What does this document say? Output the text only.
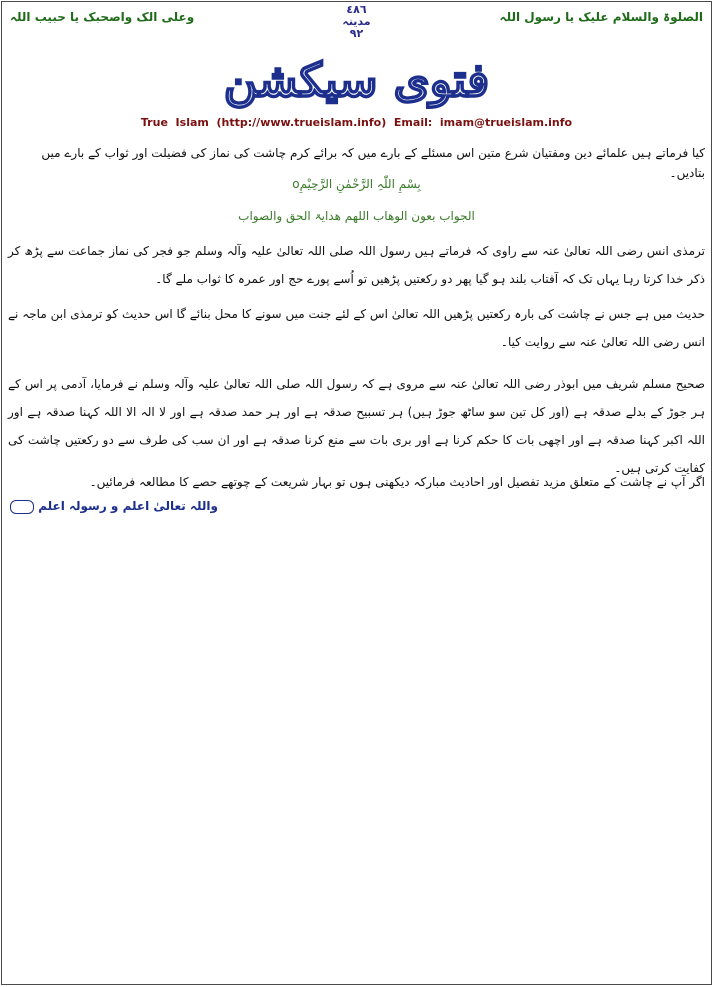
الصلوۃ والسلام علیک یا رسول اللہ
٤٨٦
مدینہ
٩٢
وعلی الک واصحبک یا حبیب اللہ
فتوی سیکشن
True  Islam  (http://www.trueislam.info)  Email:  imam@trueislam.info
کیا فرماتے ہیں علمائے دین ومفتیان شرع متین اس مسئلے کے بارے میں کہ برائے کرم چاشت کی نماز کی فضیلت اور ثواب کے بارے میں بتادیں۔
بِسْمِ اللّٰہِ الرَّحْمٰنِ الرَّحِیْمِo
الجواب بعون الوھاب اللھم ھدایۃ الحق والصواب
ترمذی انس رضی اللہ تعالیٰ عنہ سے راوی کہ فرماتے ہیں رسول اللہ صلی اللہ تعالیٰ علیہ وآلہ وسلم جو فجر کی نماز جماعت سے پڑھ کر ذکر خدا کرتا رہا یہاں تک کہ آفتاب بلند ہو گیا پھر دو رکعتیں پڑھیں تو اُسے پورے حج اور عمرہ کا ثواب ملے گا۔
حدیث میں ہے جس نے چاشت کی بارہ رکعتیں پڑھیں اللہ تعالیٰ اس کے لئے جنت میں سونے کا محل بنائے گا اس حدیث کو ترمذی ابن ماجہ نے انس رضی اللہ تعالیٰ عنہ سے روایت کیا۔
صحیح مسلم شریف میں ابوذر رضی اللہ تعالیٰ عنہ سے مروی ہے کہ رسول اللہ صلی اللہ تعالیٰ علیہ وآلہ وسلم نے فرمایا، آدمی پر اس کے ہر جوڑ کے بدلے صدقہ ہے (اور کل تین سو ساٹھ جوڑ ہیں) ہر تسبیح صدقہ ہے اور ہر حمد صدقہ ہے اور لا الہ الا اللہ کہنا صدقہ ہے اور اللہ اکبر کہنا صدقہ ہے اور اچھی بات کا حکم کرنا ہے اور بری بات سے منع کرنا صدقہ ہے اور ان سب کی طرف سے دو رکعتیں چاشت کی کفایت کرتی ہیں۔
اگر آپ نے چاشت کے متعلق مزید تفصیل اور احادیث مبارکہ دیکھنی ہوں تو بہار شریعت کے چوتھے حصے کا مطالعہ فرمائیں۔
واللہ تعالیٰ اعلم و رسولہ اعلم
